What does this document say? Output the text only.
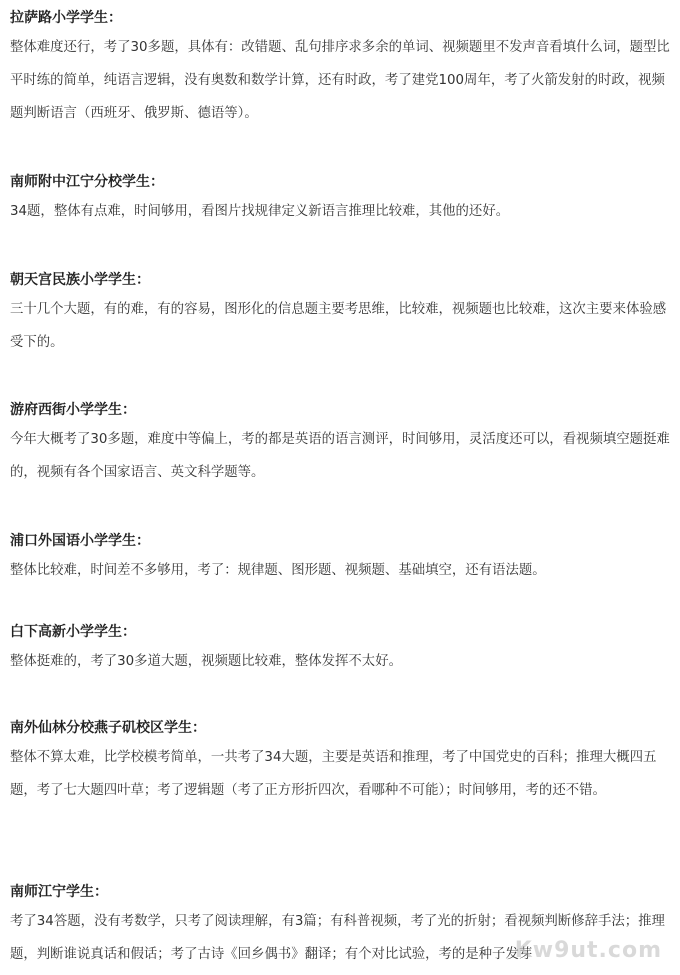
拉萨路小学学生：

整体难度还行，考了30多题，具体有：改错题、乱句排序求多余的单词、视频题里不发声音看填什么词，题型比平时练的简单，纯语言逻辑，没有奥数和数学计算，还有时政，考了建党100周年，考了火箭发射的时政，视频题判断语言（西班牙、俄罗斯、德语等）。

南师附中江宁分校学生：

34题，整体有点难，时间够用，看图片找规律定义新语言推理比较难，其他的还好。

朝天宫民族小学学生：

三十几个大题，有的难，有的容易，图形化的信息题主要考思维，比较难，视频题也比较难，这次主要来体验感受下的。

游府西街小学学生：

今年大概考了30多题，难度中等偏上，考的都是英语的语言测评，时间够用，灵活度还可以，看视频填空题挺难的，视频有各个国家语言、英文科学题等。

浦口外国语小学学生：

整体比较难，时间差不多够用，考了：规律题、图形题、视频题、基础填空，还有语法题。

白下高新小学学生：

整体挺难的，考了30多道大题，视频题比较难，整体发挥不太好。

南外仙林分校燕子矶校区学生：

整体不算太难，比学校模考简单，一共考了34大题，主要是英语和推理，考了中国党史的百科；推理大概四五题，考了七大题四叶草；考了逻辑题（考了正方形折四次，看哪种不可能）；时间够用，考的还不错。

南师江宁学生：

考了34答题，没有考数学，只考了阅读理解，有3篇；有科普视频，考了光的折射；看视频判断修辞手法；推理题，判断谁说真话和假话；考了古诗《回乡偶书》翻译；有个对比试验，考的是种子发芽

Kw9ut.com
